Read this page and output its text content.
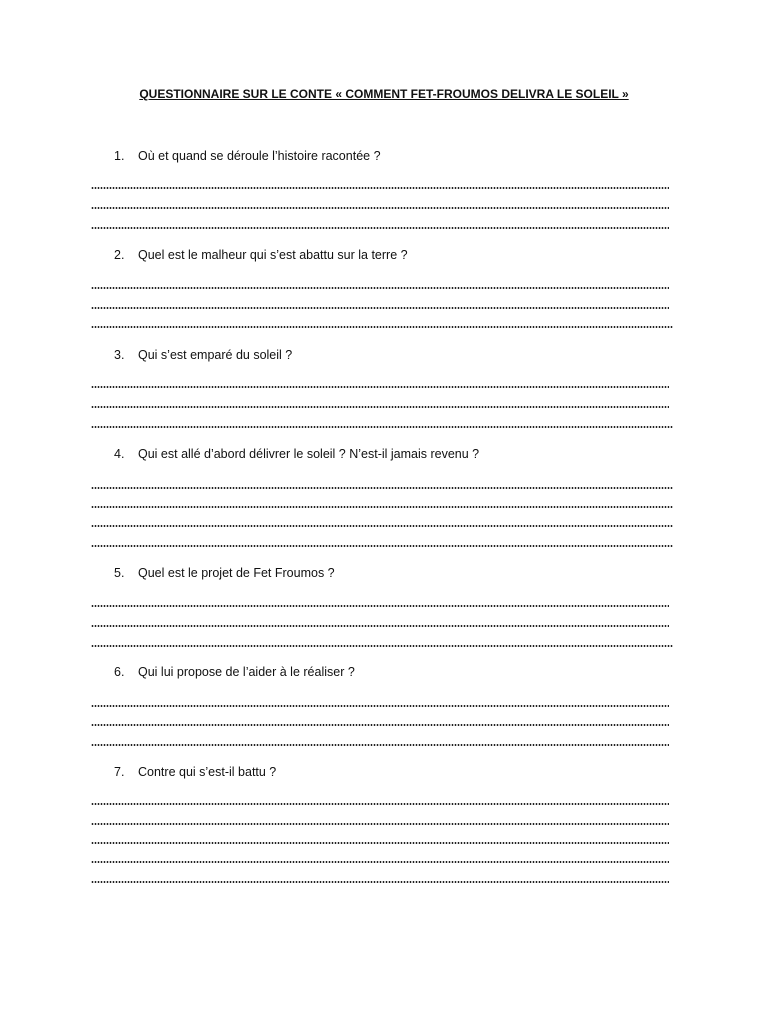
QUESTIONNAIRE SUR LE CONTE « COMMENT FET-FROUMOS DELIVRA LE SOLEIL »
1. Où et quand se déroule l’histoire racontée ?
2. Quel est le malheur qui s’est abattu sur la terre ?
3. Qui s’est emparé du soleil ?
4. Qui est allé d’abord délivrer le soleil ? N’est-il jamais revenu ?
5. Quel est le projet de Fet Froumos ?
6. Qui lui propose de l’aider à le réaliser ?
7. Contre qui s’est-il battu ?
